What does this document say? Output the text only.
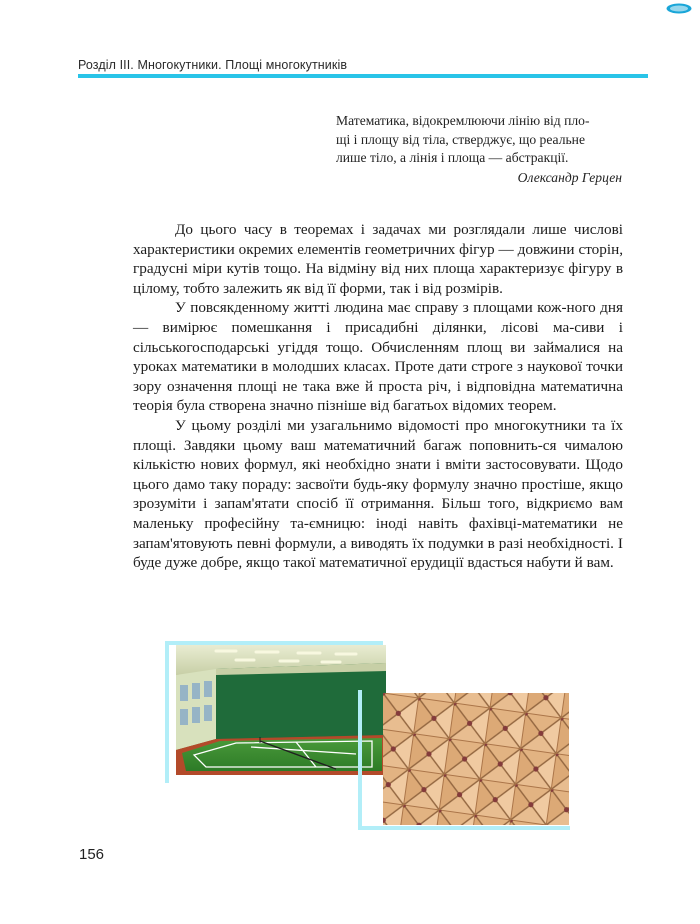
Розділ III. Многокутники. Площі многокутників

Математика, відокремлюючи лінію від пло-

щі і площу від тіла, стверджує, що реальне

лише тіло, а лінія і площа — абстракції.

Олександр Герцен

До цього часу в теоремах і задачах ми розглядали лише числові характеристики окремих елементів геометричних фігур — довжини сторін, градусні міри кутів тощо. На відміну від них площа характеризує фігуру в цілому, тобто залежить як від її форми, так і від розмірів.

У повсякденному житті людина має справу з площами кож-ного дня — вимірює помешкання і присадибні ділянки, лісові ма-сиви і сільськогосподарські угіддя тощо. Обчисленням площ ви займалися на уроках математики в молодших класах. Проте дати строге з наукової точки зору означення площі не така вже й проста річ, і відповідна математична теорія була створена значно пізніше від багатьох відомих теорем.

У цьому розділі ми узагальнимо відомості про многокутники та їх площі. Завдяки цьому ваш математичний багаж поповнить-ся чималою кількістю нових формул, які необхідно знати і вміти застосовувати. Щодо цього дамо таку пораду: засвоїти будь-яку формулу значно простіше, якщо зрозуміти і запам'ятати спосіб її отримання. Більш того, відкриємо вам маленьку професійну та-ємницю: іноді навіть фахівці-математики не запам'ятовують певні формули, а виводять їх подумки в разі необхідності. І буде дуже добре, якщо такої математичної ерудиції вдасться набути й вам.

156
